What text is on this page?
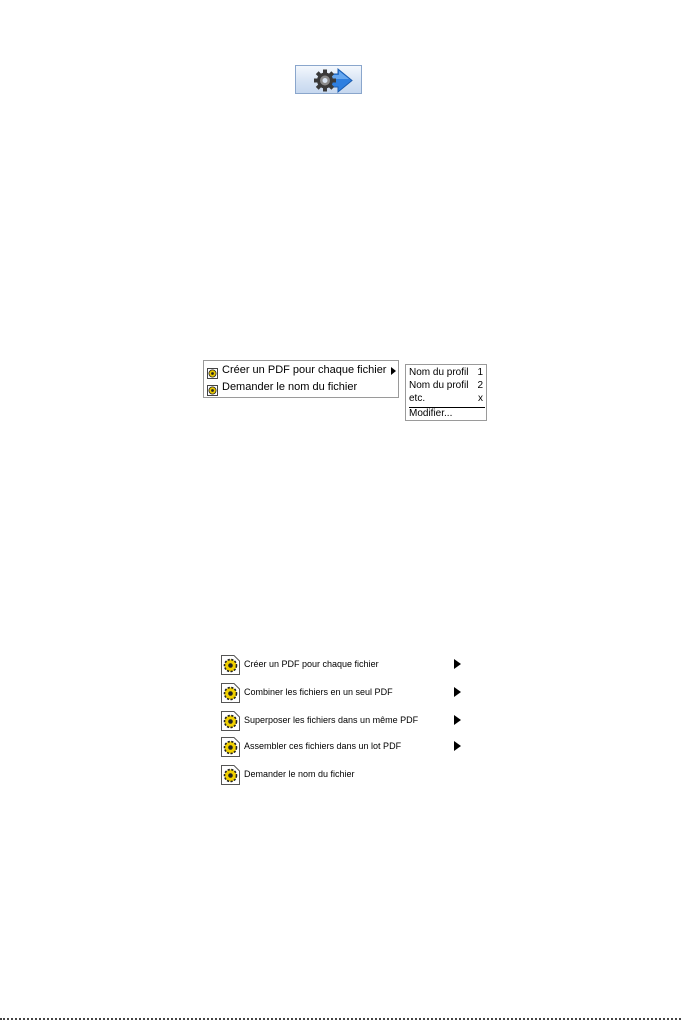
Créer un PDF pour chaque fichier
Demander le nom du fichier
Nom du profil 1
Nom du profil 2
etc.	x
Modifier...
Créer un PDF pour chaque fichier
Combiner les fichiers en un seul PDF
Superposer les fichiers dans un même PDF
Assembler ces fichiers dans un lot PDF
Demander le nom du fichier
